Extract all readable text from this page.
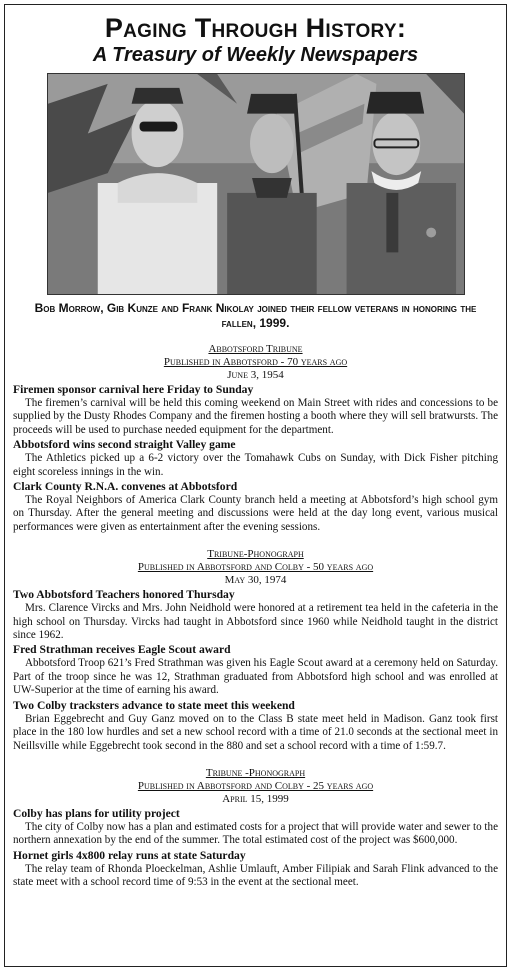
Paging Through History:
A Treasury of Weekly Newspapers
Bob Morrow, Gib Kunze and Frank Nikolay joined their fellow veterans in honoring the fallen, 1999.
Abbotsford Tribune
Published in Abbotsford - 70 years ago
June 3, 1954
Firemen sponsor carnival here Friday to Sunday

The firemen’s carnival will be held this coming weekend on Main Street with rides and concessions to be supplied by the Dusty Rhodes Company and the firemen hosting a booth where they will sell bratwursts. The proceeds will be used to purchase needed equipment for the department.

Abbotsford wins second straight Valley game

The Athletics picked up a 6-2 victory over the Tomahawk Cubs on Sunday, with Dick Fisher pitching eight scoreless innings in the win.

Clark County R.N.A. convenes at Abbotsford

The Royal Neighbors of America Clark County branch held a meeting at Abbotsford’s high school gym on Thursday. After the general meeting and discussions were held at the day long event, various musical performances were given as entertainment after the evening sessions.

Tribune-Phonograph
Published in Abbotsford and Colby - 50 years ago
May 30, 1974
Two Abbotsford Teachers honored Thursday

Mrs. Clarence Vircks and Mrs. John Neidhold were honored at a retirement tea held in the cafeteria in the high school on Thursday. Vircks had taught in Abbotsford since 1960 while Neidhold taught in the district since 1962.

Fred Strathman receives Eagle Scout award

Abbotsford Troop 621’s Fred Strathman was given his Eagle Scout award at a ceremony held on Saturday. Part of the troop since he was 12, Strathman graduated from Abbotsford high school and was enrolled at UW-Superior at the time of earning his award.

Two Colby tracksters advance to state meet this weekend

Brian Eggebrecht and Guy Ganz moved on to the Class B state meet held in Madison. Ganz took first place in the 180 low hurdles and set a new school record with a time of 21.0 seconds at the sectional meet in Neillsville while Eggebrecht took second in the 880 and set a school record with a time of 1:59.7.

Tribune -Phonograph
Published in Abbotsford and Colby - 25 years ago
April 15, 1999
Colby has plans for utility project

The city of Colby now has a plan and estimated costs for a project that will provide water and sewer to the northern annexation by the end of the summer. The total estimated cost of the project was $600,000.

Hornet girls 4x800 relay runs at state Saturday

The relay team of Rhonda Ploeckelman, Ashlie Umlauft, Amber Filipiak and Sarah Flink advanced to the state meet with a school record time of 9:53 in the event at the sectional meet.
